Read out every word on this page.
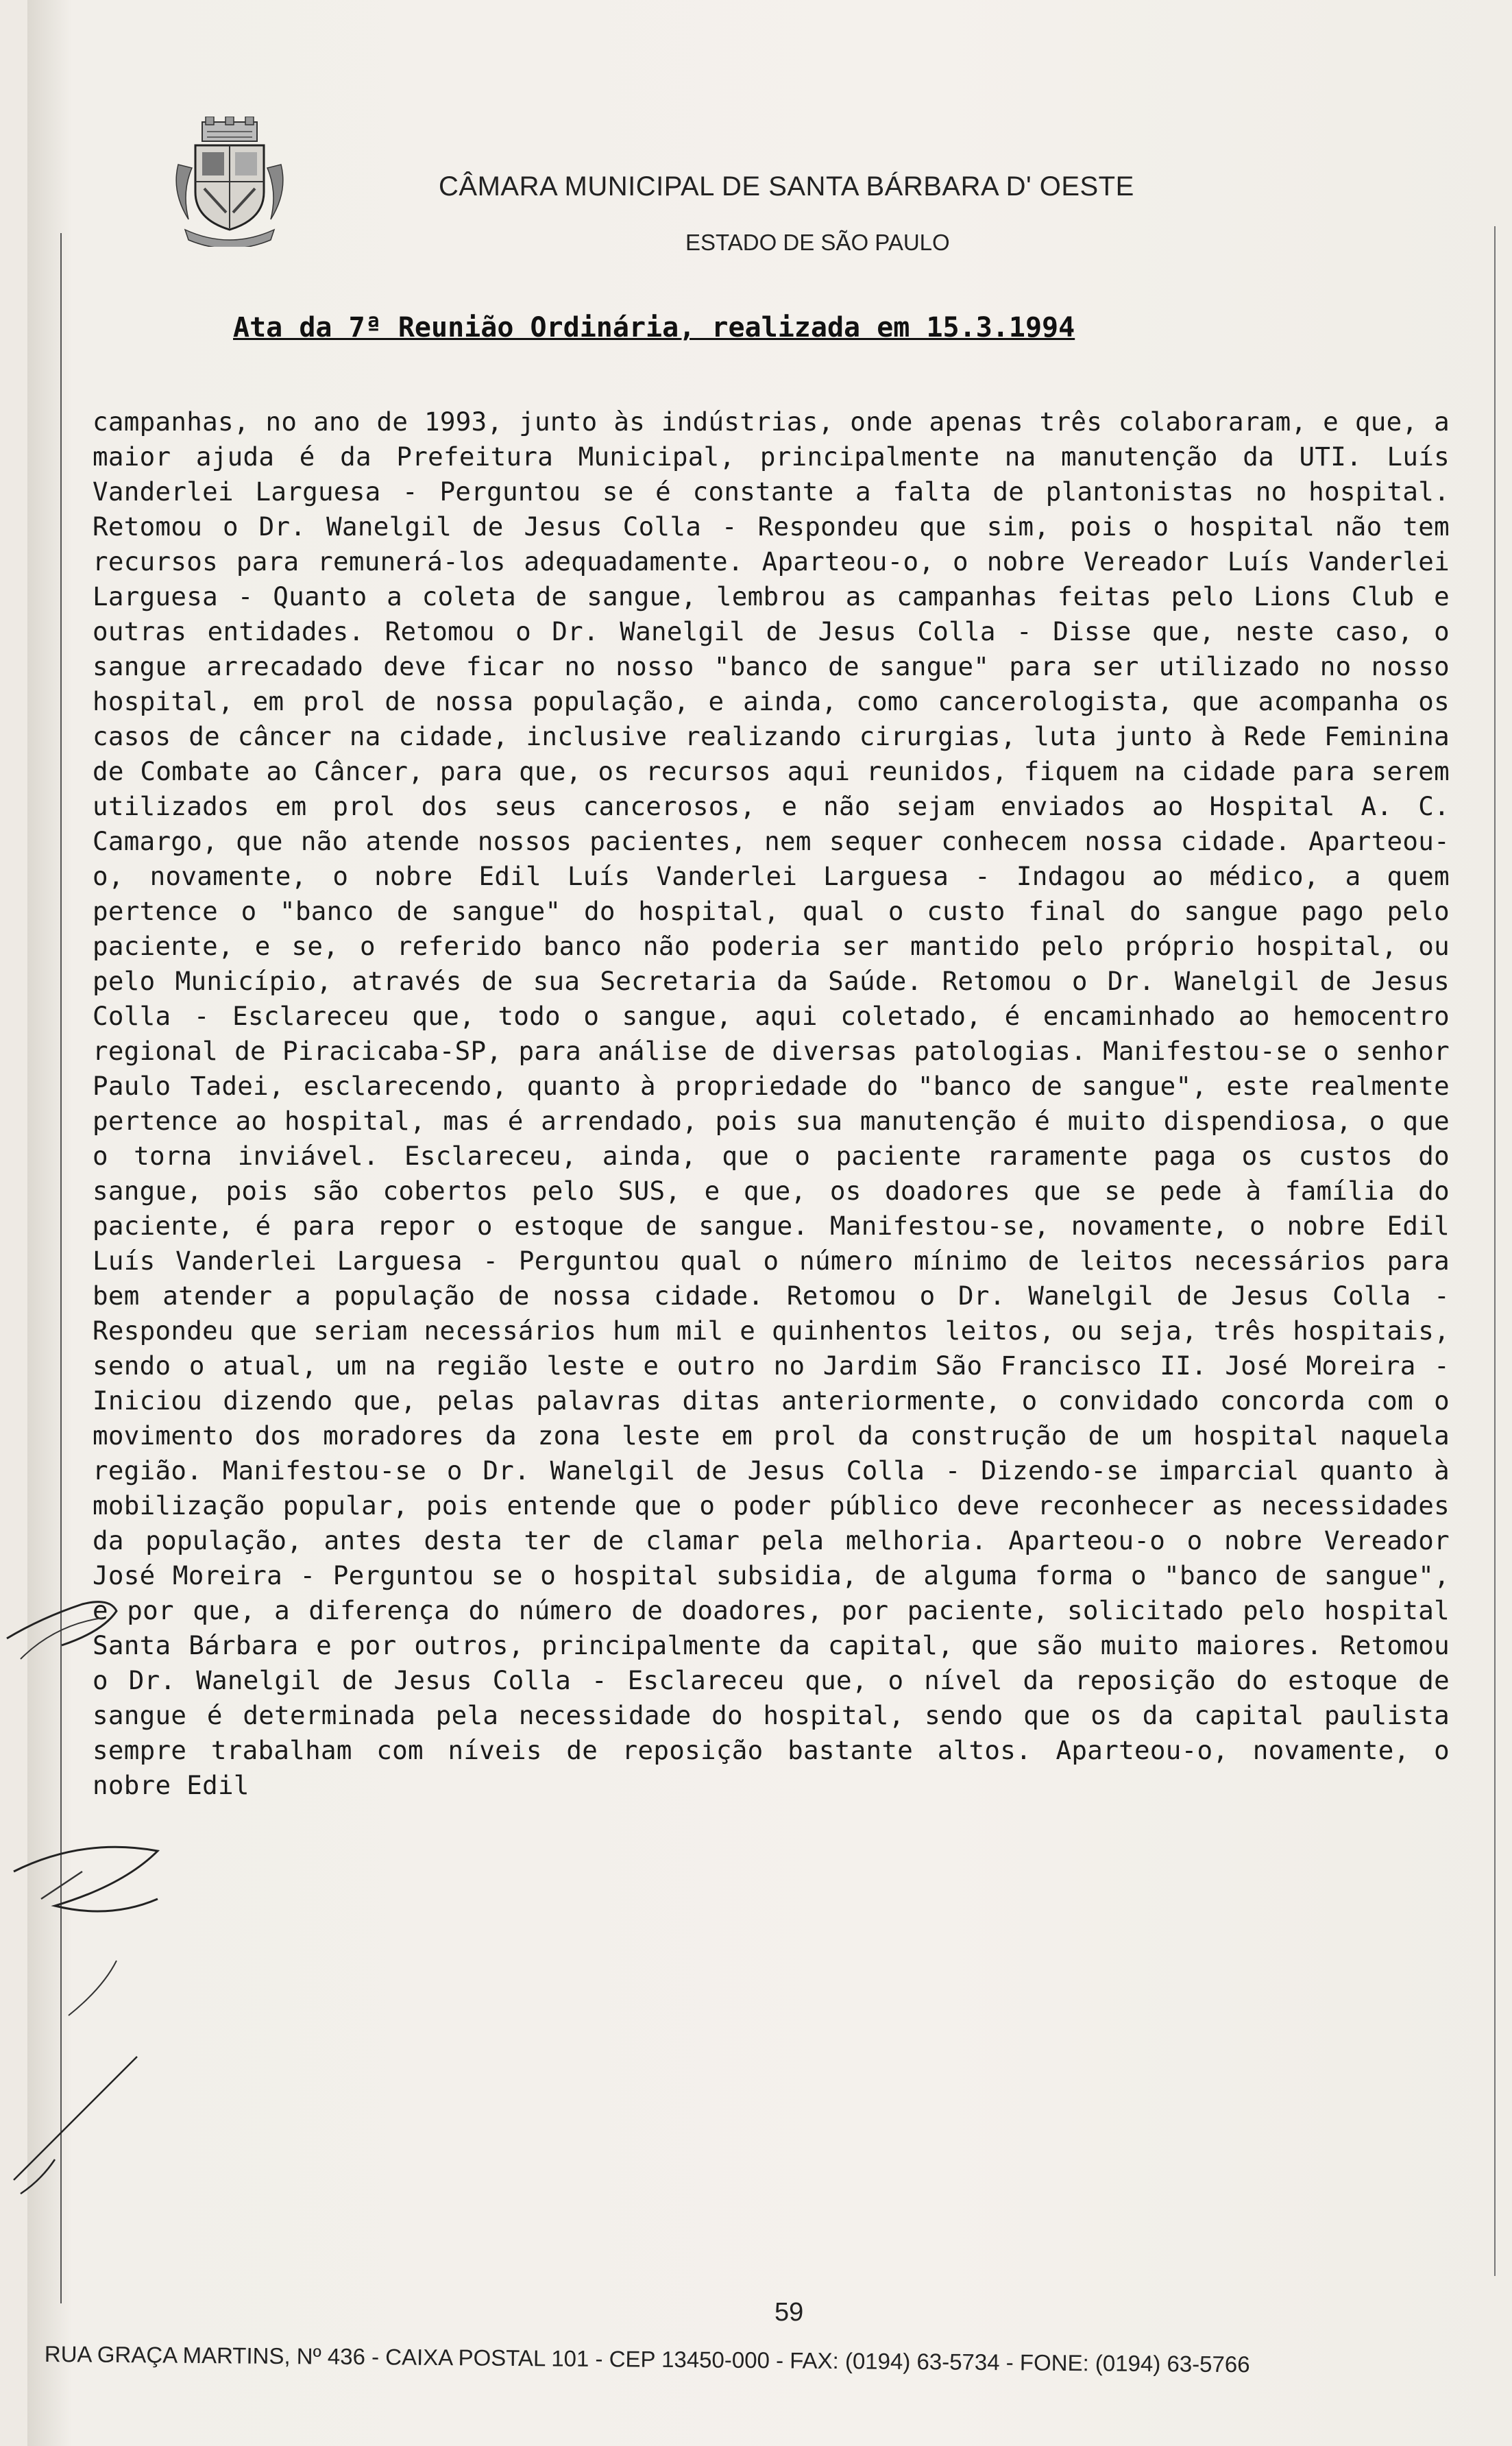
CÂMARA MUNICIPAL DE SANTA BÁRBARA D' OESTE
ESTADO DE SÃO PAULO
Ata da 7ª Reunião Ordinária, realizada em 15.3.1994

campanhas, no ano de 1993, junto às indústrias, onde apenas três colaboraram, e que, a maior ajuda é da Prefeitura Municipal, principalmente na manutenção da UTI. Luís Vanderlei Larguesa - Perguntou se é constante a falta de plantonistas no hospital. Retomou o Dr. Wanelgil de Jesus Colla - Respondeu que sim, pois o hospital não tem recursos para remunerá-los adequadamente. Aparteou-o, o nobre Vereador Luís Vanderlei Larguesa - Quanto a coleta de sangue, lembrou as campanhas feitas pelo Lions Club e outras entidades. Retomou o Dr. Wanelgil de Jesus Colla - Disse que, neste caso, o sangue arrecadado deve ficar no nosso "banco de sangue" para ser utilizado no nosso hospital, em prol de nossa população, e ainda, como cancerologista, que acompanha os casos de câncer na cidade, inclusive realizando cirurgias, luta junto à Rede Feminina de Combate ao Câncer, para que, os recursos aqui reunidos, fiquem na cidade para serem utilizados em prol dos seus cancerosos, e não sejam enviados ao Hospital A. C. Camargo, que não atende nossos pacientes, nem sequer conhecem nossa cidade. Aparteou-o, novamente, o nobre Edil Luís Vanderlei Larguesa - Indagou ao médico, a quem pertence o "banco de sangue" do hospital, qual o custo final do sangue pago pelo paciente, e se, o referido banco não poderia ser mantido pelo próprio hospital, ou pelo Município, através de sua Secretaria da Saúde. Retomou o Dr. Wanelgil de Jesus Colla - Esclareceu que, todo o sangue, aqui coletado, é encaminhado ao hemocentro regional de Piracicaba-SP, para análise de diversas patologias. Manifestou-se o senhor Paulo Tadei, esclarecendo, quanto à propriedade do "banco de sangue", este realmente pertence ao hospital, mas é arrendado, pois sua manutenção é muito dispendiosa, o que o torna inviável. Esclareceu, ainda, que o paciente raramente paga os custos do sangue, pois são cobertos pelo SUS, e que, os doadores que se pede à família do paciente, é para repor o estoque de sangue. Manifestou-se, novamente, o nobre Edil Luís Vanderlei Larguesa - Perguntou qual o número mínimo de leitos necessários para bem atender a população de nossa cidade. Retomou o Dr. Wanelgil de Jesus Colla - Respondeu que seriam necessários hum mil e quinhentos leitos, ou seja, três hospitais, sendo o atual, um na região leste e outro no Jardim São Francisco II. José Moreira - Iniciou dizendo que, pelas palavras ditas anteriormente, o convidado concorda com o movimento dos moradores da zona leste em prol da construção de um hospital naquela região. Manifestou-se o Dr. Wanelgil de Jesus Colla - Dizendo-se imparcial quanto à mobilização popular, pois entende que o poder público deve reconhecer as necessidades da população, antes desta ter de clamar pela melhoria. Aparteou-o o nobre Vereador José Moreira - Perguntou se o hospital subsidia, de alguma forma o "banco de sangue", e por que, a diferença do número de doadores, por paciente, solicitado pelo hospital Santa Bárbara e por outros, principalmente da capital, que são muito maiores. Retomou o Dr. Wanelgil de Jesus Colla - Esclareceu que, o nível da reposição do estoque de sangue é determinada pela necessidade do hospital, sendo que os da capital paulista sempre trabalham com níveis de reposição bastante altos. Aparteou-o, novamente, o nobre Edil

59
RUA GRAÇA MARTINS, Nº 436 - CAIXA POSTAL 101 - CEP 13450-000 - FAX: (0194) 63-5734 - FONE: (0194) 63-5766
